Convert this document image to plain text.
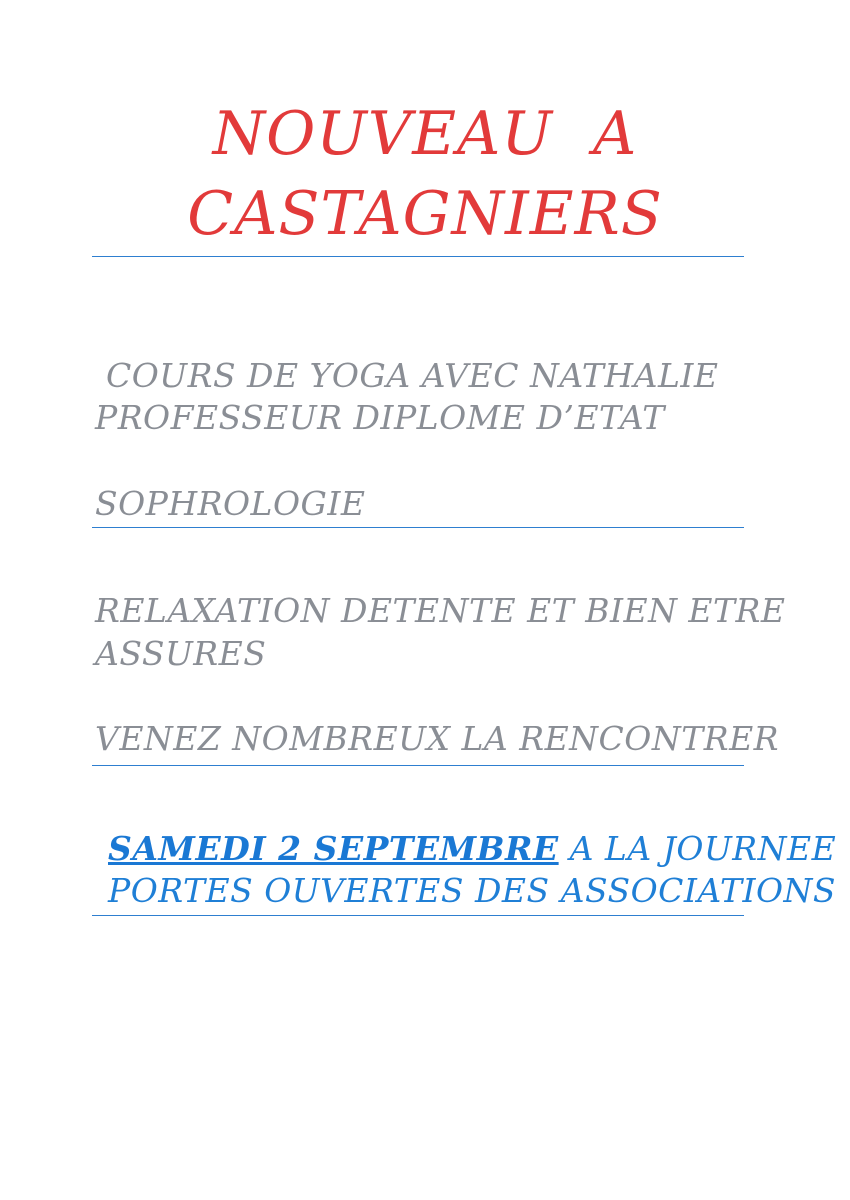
NOUVEAU  A
CASTAGNIERS
COURS DE YOGA AVEC NATHALIE
PROFESSEUR DIPLOME D’ETAT
SOPHROLOGIE
RELAXATION DETENTE ET BIEN ETRE
ASSURES
VENEZ NOMBREUX LA RENCONTRER
SAMEDI 2 SEPTEMBRE A LA JOURNEE
PORTES OUVERTES DES ASSOCIATIONS
